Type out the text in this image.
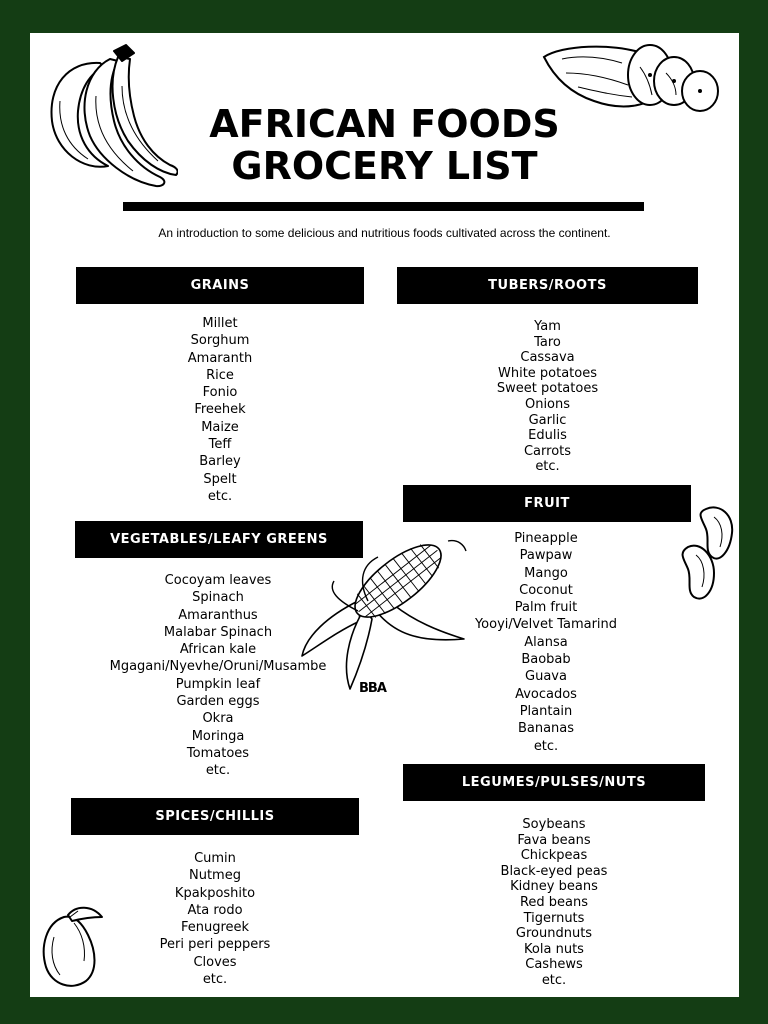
AFRICAN FOODS
GROCERY LIST
An introduction to some delicious and nutritious foods cultivated across the continent.
GRAINS
Millet
Sorghum
Amaranth
Rice
Fonio
Freehek
Maize
Teff
Barley
Spelt
etc.
TUBERS/ROOTS
Yam
Taro
Cassava
White potatoes
Sweet potatoes
Onions
Garlic
Edulis
Carrots
etc.
FRUIT
Pineapple
Pawpaw
Mango
Coconut
Palm fruit
Yooyi/Velvet Tamarind
Alansa
Baobab
Guava
Avocados
Plantain
Bananas
etc.
VEGETABLES/LEAFY GREENS
Cocoyam leaves
Spinach
Amaranthus
Malabar Spinach
African kale
Mgagani/Nyevhe/Oruni/Musambe
Pumpkin leaf
Garden eggs
Okra
Moringa
Tomatoes
etc.
BBA
LEGUMES/PULSES/NUTS
Soybeans
Fava beans
Chickpeas
Black-eyed peas
Kidney beans
Red beans
Tigernuts
Groundnuts
Kola nuts
Cashews
etc.
SPICES/CHILLIS
Cumin
Nutmeg
Kpakposhito
Ata rodo
Fenugreek
Peri peri peppers
Cloves
etc.
